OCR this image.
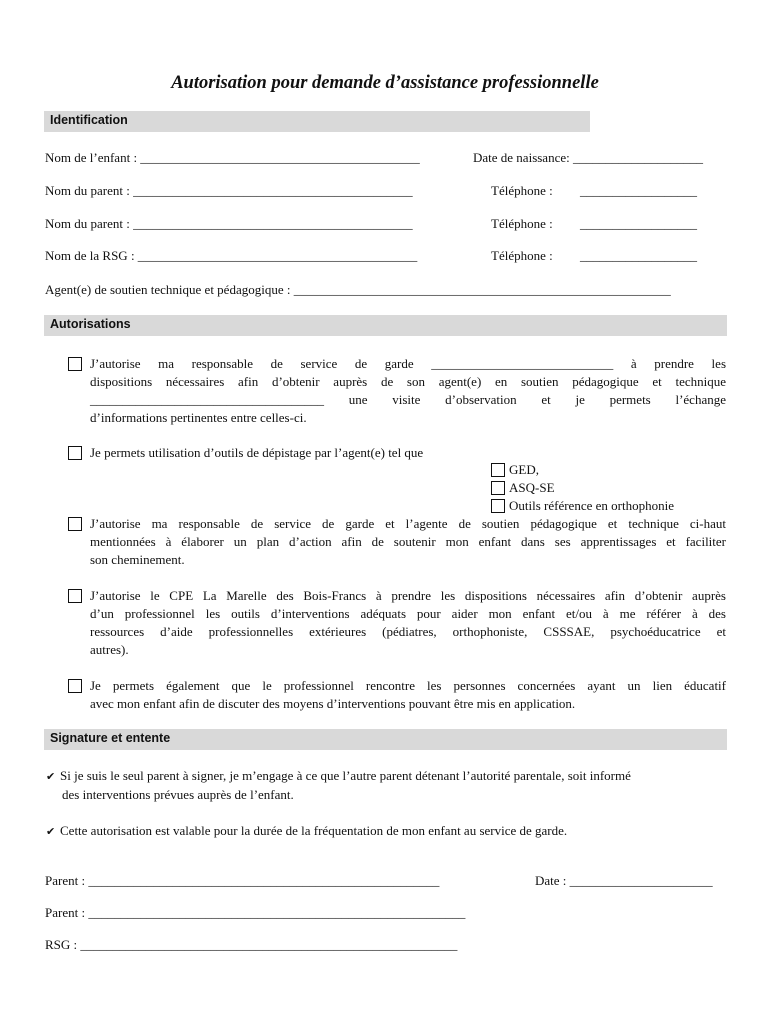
Autorisation pour demande d’assistance professionnelle
Identification
Nom de l’enfant : ___________________________________________	Date de naissance: ____________________
Nom du parent : ___________________________________________	Téléphone : __________________
Nom du parent : ___________________________________________	Téléphone : __________________
Nom de la RSG : ___________________________________________	Téléphone : __________________
Agent(e) de soutien technique et pédagogique : __________________________________________________________
Autorisations
J’autorise ma responsable de service de garde ____________________________ à prendre les
dispositions nécessaires afin d’obtenir auprès de son agent(e) en soutien pédagogique et technique
____________________________________ une visite d’observation et je permets l’échange
d’informations pertinentes entre celles-ci.
Je permets utilisation d’outils de dépistage par l’agent(e) tel que
GED,
ASQ-SE
Outils référence en orthophonie
J’autorise ma responsable de service de garde et l’agente de soutien pédagogique et technique ci-haut
mentionnées à élaborer un plan d’action afin de soutenir mon enfant dans ses apprentissages et faciliter
son cheminement.
J’autorise le CPE La Marelle des Bois-Francs à prendre les dispositions nécessaires afin d’obtenir auprès
d’un professionnel les outils d’interventions adéquats pour aider mon enfant et/ou à me référer à des
ressources d’aide professionnelles extérieures (pédiatres, orthophoniste, CSSSAE, psychoéducatrice et
autres).
Je permets également que le professionnel rencontre les personnes concernées ayant un lien éducatif
avec mon enfant afin de discuter des moyens d’interventions pouvant être mis en application.
Signature et entente
✔ Si je suis le seul parent à signer, je m’engage à ce que l’autre parent détenant l’autorité parentale, soit informé
des interventions prévues auprès de l’enfant.
✔ Cette autorisation est valable pour la durée de la fréquentation de mon enfant au service de garde.
Parent : ______________________________________________________	Date : ______________________
Parent : __________________________________________________________
RSG : __________________________________________________________
